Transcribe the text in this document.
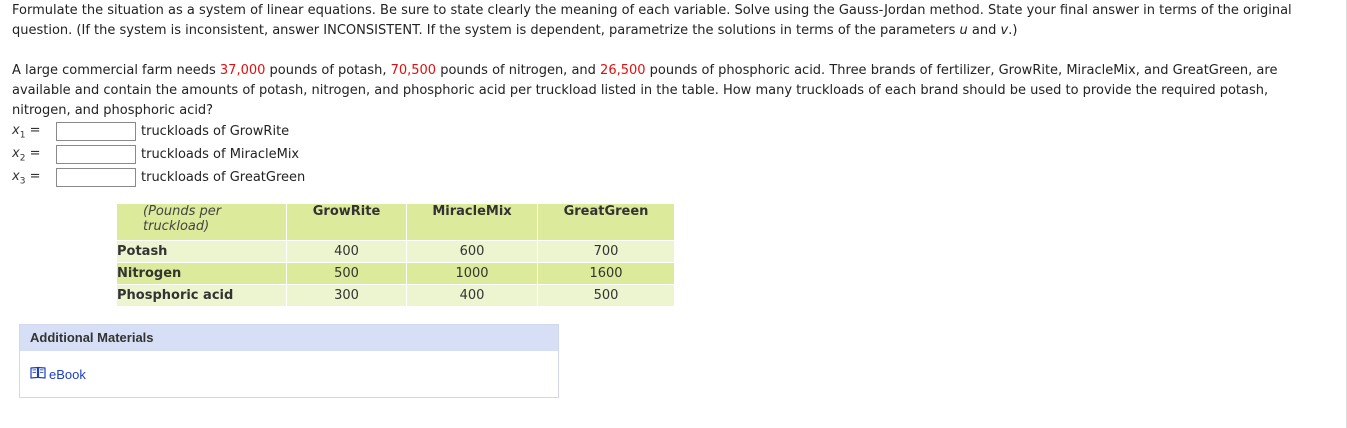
Formulate the situation as a system of linear equations. Be sure to state clearly the meaning of each variable. Solve using the Gauss-Jordan method. State your final answer in terms of the original question. (If the system is inconsistent, answer INCONSISTENT. If the system is dependent, parametrize the solutions in terms of the parameters u and v.)
A large commercial farm needs 37,000 pounds of potash, 70,500 pounds of nitrogen, and 26,500 pounds of phosphoric acid. Three brands of fertilizer, GrowRite, MiracleMix, and GreatGreen, are available and contain the amounts of potash, nitrogen, and phosphoric acid per truckload listed in the table. How many truckloads of each brand should be used to provide the required potash, nitrogen, and phosphoric acid?
$x_1$ =	truckloads of GrowRite
$x_2$ =	truckloads of MiracleMix
$x_3$ =	truckloads of GreatGreen
(Pounds per truckload)	GrowRite	MiracleMix	GreatGreen
Potash	400	600	700
Nitrogen	500	1000	1600
Phosphoric acid	300	400	500
Additional Materials
eBook
